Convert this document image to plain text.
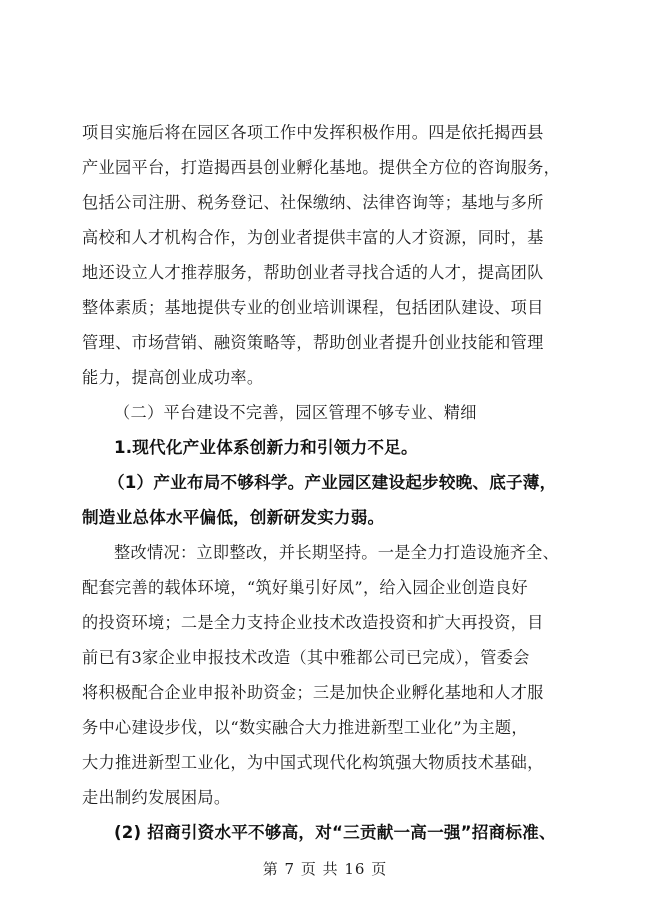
项目实施后将在园区各项工作中发挥积极作用。四是依托揭西县
产业园平台，打造揭西县创业孵化基地。提供全方位的咨询服务，
包括公司注册、税务登记、社保缴纳、法律咨询等；基地与多所
高校和人才机构合作，为创业者提供丰富的人才资源，同时，基
地还设立人才推荐服务，帮助创业者寻找合适的人才，提高团队
整体素质；基地提供专业的创业培训课程，包括团队建设、项目
管理、市场营销、融资策略等，帮助创业者提升创业技能和管理
能力，提高创业成功率。
（二）平台建设不完善，园区管理不够专业、精细
1.现代化产业体系创新力和引领力不足。
（1）产业布局不够科学。产业园区建设起步较晚、底子薄，
制造业总体水平偏低，创新研发实力弱。
整改情况：立即整改，并长期坚持。一是全力打造设施齐全、
配套完善的载体环境，“筑好巢引好凤”，给入园企业创造良好
的投资环境；二是全力支持企业技术改造投资和扩大再投资，目
前已有3家企业申报技术改造（其中雅都公司已完成），管委会
将积极配合企业申报补助资金；三是加快企业孵化基地和人才服
务中心建设步伐，以“数实融合大力推进新型工业化”为主题，
大力推进新型工业化，为中国式现代化构筑强大物质技术基础，
走出制约发展困局。
(2) 招商引资水平不够高，对“三贡献一高一强”招商标准、
第 7 页 共 16 页
